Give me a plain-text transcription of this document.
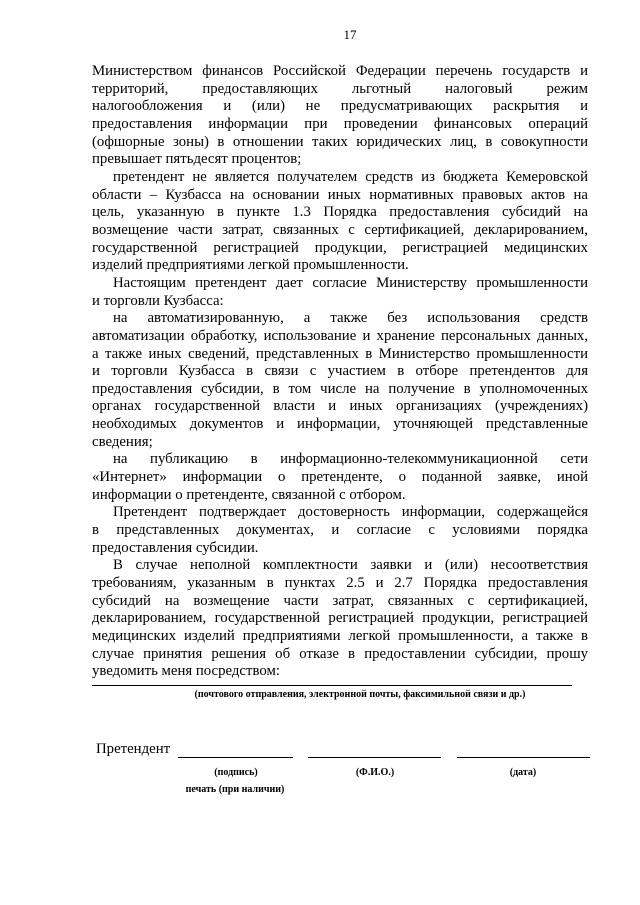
17
Министерством финансов Российской Федерации перечень государств и
территорий, предоставляющих льготный налоговый режим
налогообложения и (или) не предусматривающих раскрытия и
предоставления информации при проведении финансовых операций
(офшорные зоны) в отношении таких юридических лиц, в совокупности
превышает пятьдесят процентов;
претендент не является получателем средств из бюджета Кемеровской
области – Кузбасса на основании иных нормативных правовых актов на
цель, указанную в пункте 1.3 Порядка предоставления субсидий на
возмещение части затрат, связанных с сертификацией, декларированием,
государственной регистрацией продукции, регистрацией медицинских
изделий предприятиями легкой промышленности.
Настоящим претендент дает согласие Министерству промышленности
и торговли Кузбасса:
на автоматизированную, а также без использования средств
автоматизации обработку, использование и хранение персональных данных,
а также иных сведений, представленных в Министерство промышленности
и торговли Кузбасса в связи с участием в отборе претендентов для
предоставления субсидии, в том числе на получение в уполномоченных
органах государственной власти и иных организациях (учреждениях)
необходимых документов и информации, уточняющей представленные
сведения;
на публикацию в информационно-телекоммуникационной сети
«Интернет» информации о претенденте, о поданной заявке, иной
информации о претенденте, связанной с отбором.
Претендент подтверждает достоверность информации, содержащейся
в представленных документах, и согласие с условиями порядка
предоставления субсидии.
В случае неполной комплектности заявки и (или) несоответствия
требованиям, указанным в пунктах 2.5 и 2.7 Порядка предоставления
субсидий на возмещение части затрат, связанных с сертификацией,
декларированием, государственной регистрацией продукции, регистрацией
медицинских изделий предприятиями легкой промышленности, а также в
случае принятия решения об отказе в предоставлении субсидии, прошу
уведомить меня посредством:
(почтового отправления, электронной почты, факсимильной связи и др.)
Претендент
(подпись)	(Ф.И.О.)	(дата)
печать (при наличии)
